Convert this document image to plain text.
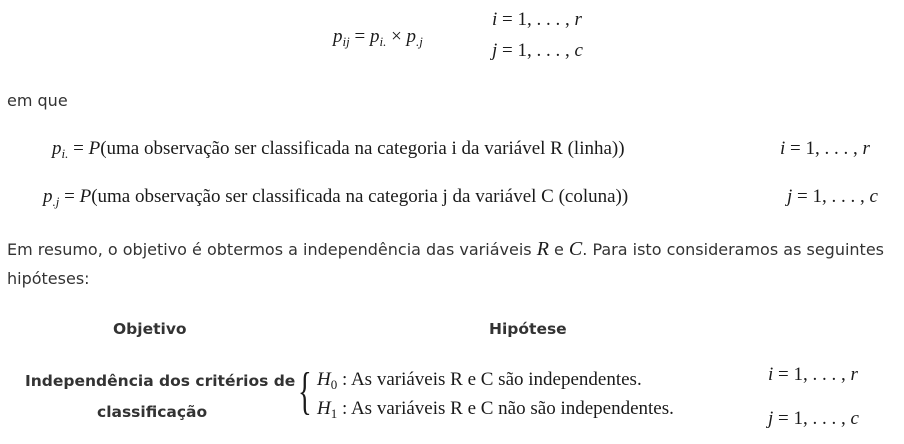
$p_{ij} = p_{i.} \times p_{.j}$
i = 1, . . . , r
j = 1, . . . , c
em que
$p_{i.} = P(uma$ observação ser classificada na categoria i da variável R (linha))	i = 1, . . . , r
$p_{.j} = P(uma$ observação ser classificada na categoria j da variável C (coluna))	j = 1, . . . , c
Em resumo, o objetivo é obtermos a independência das variáveis R e C. Para isto consideramos as seguintes
hipóteses:
Objetivo	Hipótese
Independência dos critérios de
classificação { $H_0$ : As variáveis R e C são independentes.
$H_1$ : As variáveis R e C não são independentes.
i = 1, . . . , r
j = 1, . . . , c
